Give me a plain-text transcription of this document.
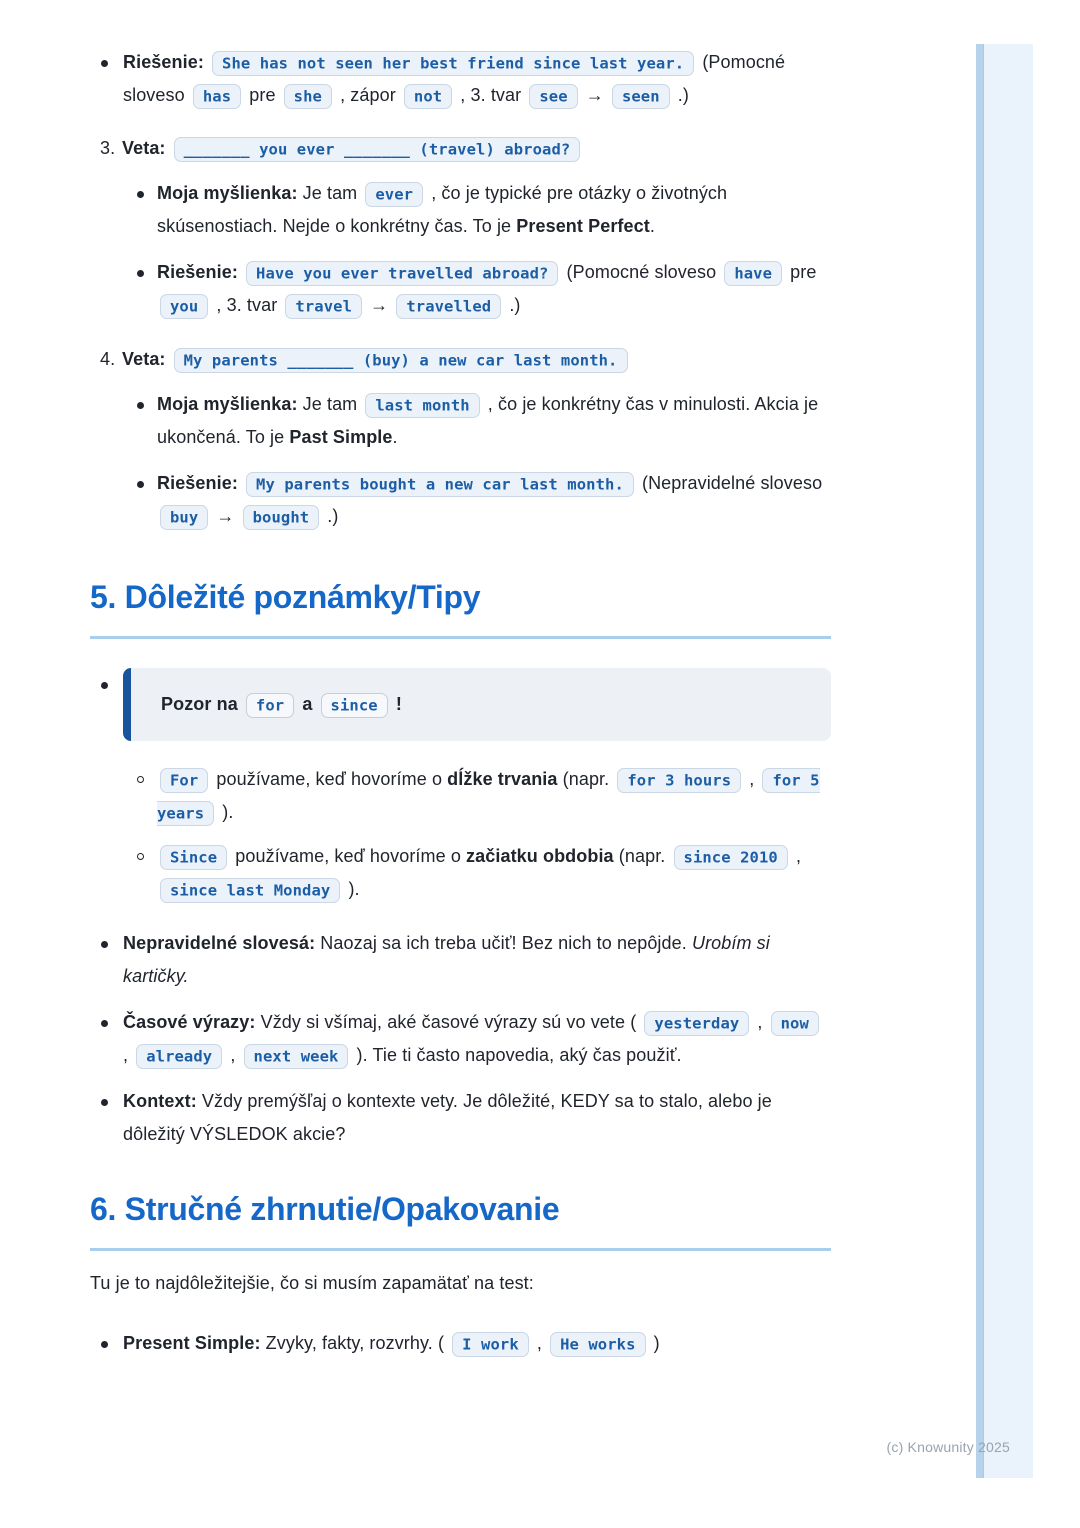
Riešenie: She has not seen her best friend since last year. (Pomocné sloveso has pre she , zápor not , 3. tvar see → seen .)
3. Veta: _______ you ever _______ (travel) abroad?
Moja myšlienka: Je tam ever , čo je typické pre otázky o životných skúsenostiach. Nejde o konkrétny čas. To je Present Perfect.
Riešenie: Have you ever travelled abroad? (Pomocné sloveso have pre you , 3. tvar travel → travelled .)
4. Veta: My parents _______ (buy) a new car last month.
Moja myšlienka: Je tam last month , čo je konkrétny čas v minulosti. Akcia je ukončená. To je Past Simple.
Riešenie: My parents bought a new car last month. (Nepravidelné sloveso buy → bought .)
5. Dôležité poznámky/Tipy
Pozor na for a since !
For používame, keď hovoríme o dĺžke trvania (napr. for 3 hours , for 5 years ).
Since používame, keď hovoríme o začiatku obdobia (napr. since 2010 , since last Monday ).
Nepravidelné slovesá: Naozaj sa ich treba učiť! Bez nich to nepôjde. Urobím si kartičky.
Časové výrazy: Vždy si všímaj, aké časové výrazy sú vo vete ( yesterday , now , already , next week ). Tie ti často napovedia, aký čas použiť.
Kontext: Vždy premýšľaj o kontexte vety. Je dôležité, KEDY sa to stalo, alebo je dôležitý VÝSLEDOK akcie?
6. Stručné zhrnutie/Opakovanie

Tu je to najdôležitejšie, čo si musím zapamätať na test:

Present Simple: Zvyky, fakty, rozvrhy. ( I work , He works )
(c) Knowunity 2025
